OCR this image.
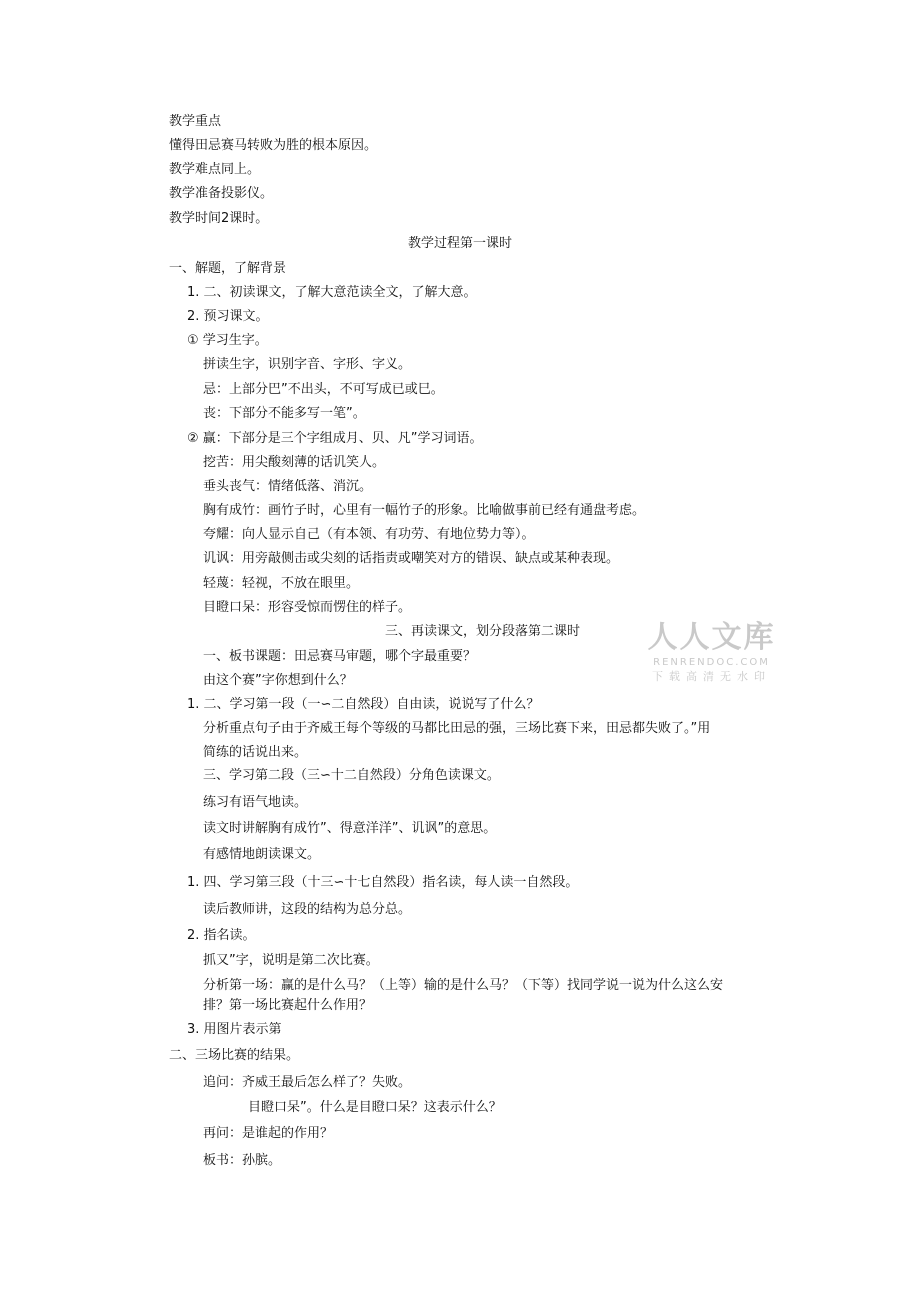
教学重点
懂得田忌赛马转败为胜的根本原因。
教学难点同上。
教学准备投影仪。
教学时间2课时。
教学过程第一课时
一、解题，了解背景
1. 二、初读课文，了解大意范读全文，了解大意。
2. 预习课文。
① 学习生字。
拼读生字，识别字音、字形、字义。
忌：上部分巴”不出头，不可写成已或巳。
丧：下部分不能多写一笔”。
② 赢：下部分是三个字组成月、贝、凡”学习词语。
挖苦：用尖酸刻薄的话讥笑人。
垂头丧气：情绪低落、消沉。
胸有成竹：画竹子时，心里有一幅竹子的形象。比喻做事前已经有通盘考虑。
夸耀：向人显示自己（有本领、有功劳、有地位势力等）。
讥讽：用旁敲侧击或尖刻的话指责或嘲笑对方的错误、缺点或某种表现。
轻蔑：轻视，不放在眼里。
目瞪口呆：形容受惊而愣住的样子。
三、再读课文，划分段落第二课时
一、板书课题：田忌赛马审题，哪个字最重要？
由这个赛”字你想到什么？
1. 二、学习第一段（一∽二自然段）自由读，说说写了什么？
分析重点句子由于齐威王每个等级的马都比田忌的强，三场比赛下来，田忌都失败了。”用
简练的话说出来。
三、学习第二段（三∽十二自然段）分角色读课文。
练习有语气地读。
读文时讲解胸有成竹”、得意洋洋”、讥讽”的意思。
有感情地朗读课文。
1. 四、学习第三段（十三∽十七自然段）指名读，每人读一自然段。
读后教师讲，这段的结构为总分总。
2. 指名读。
抓又”字，说明是第二次比赛。
分析第一场：赢的是什么马？（上等）输的是什么马？（下等）找同学说一说为什么这么安
排？第一场比赛起什么作用？
3. 用图片表示第
二、三场比赛的结果。
追问：齐威王最后怎么样了？失败。
目瞪口呆”。什么是目瞪口呆？这表示什么？
再问：是谁起的作用？
板书：孙膑。
人人文库
RENRENDOC.COM
下载高清无水印
